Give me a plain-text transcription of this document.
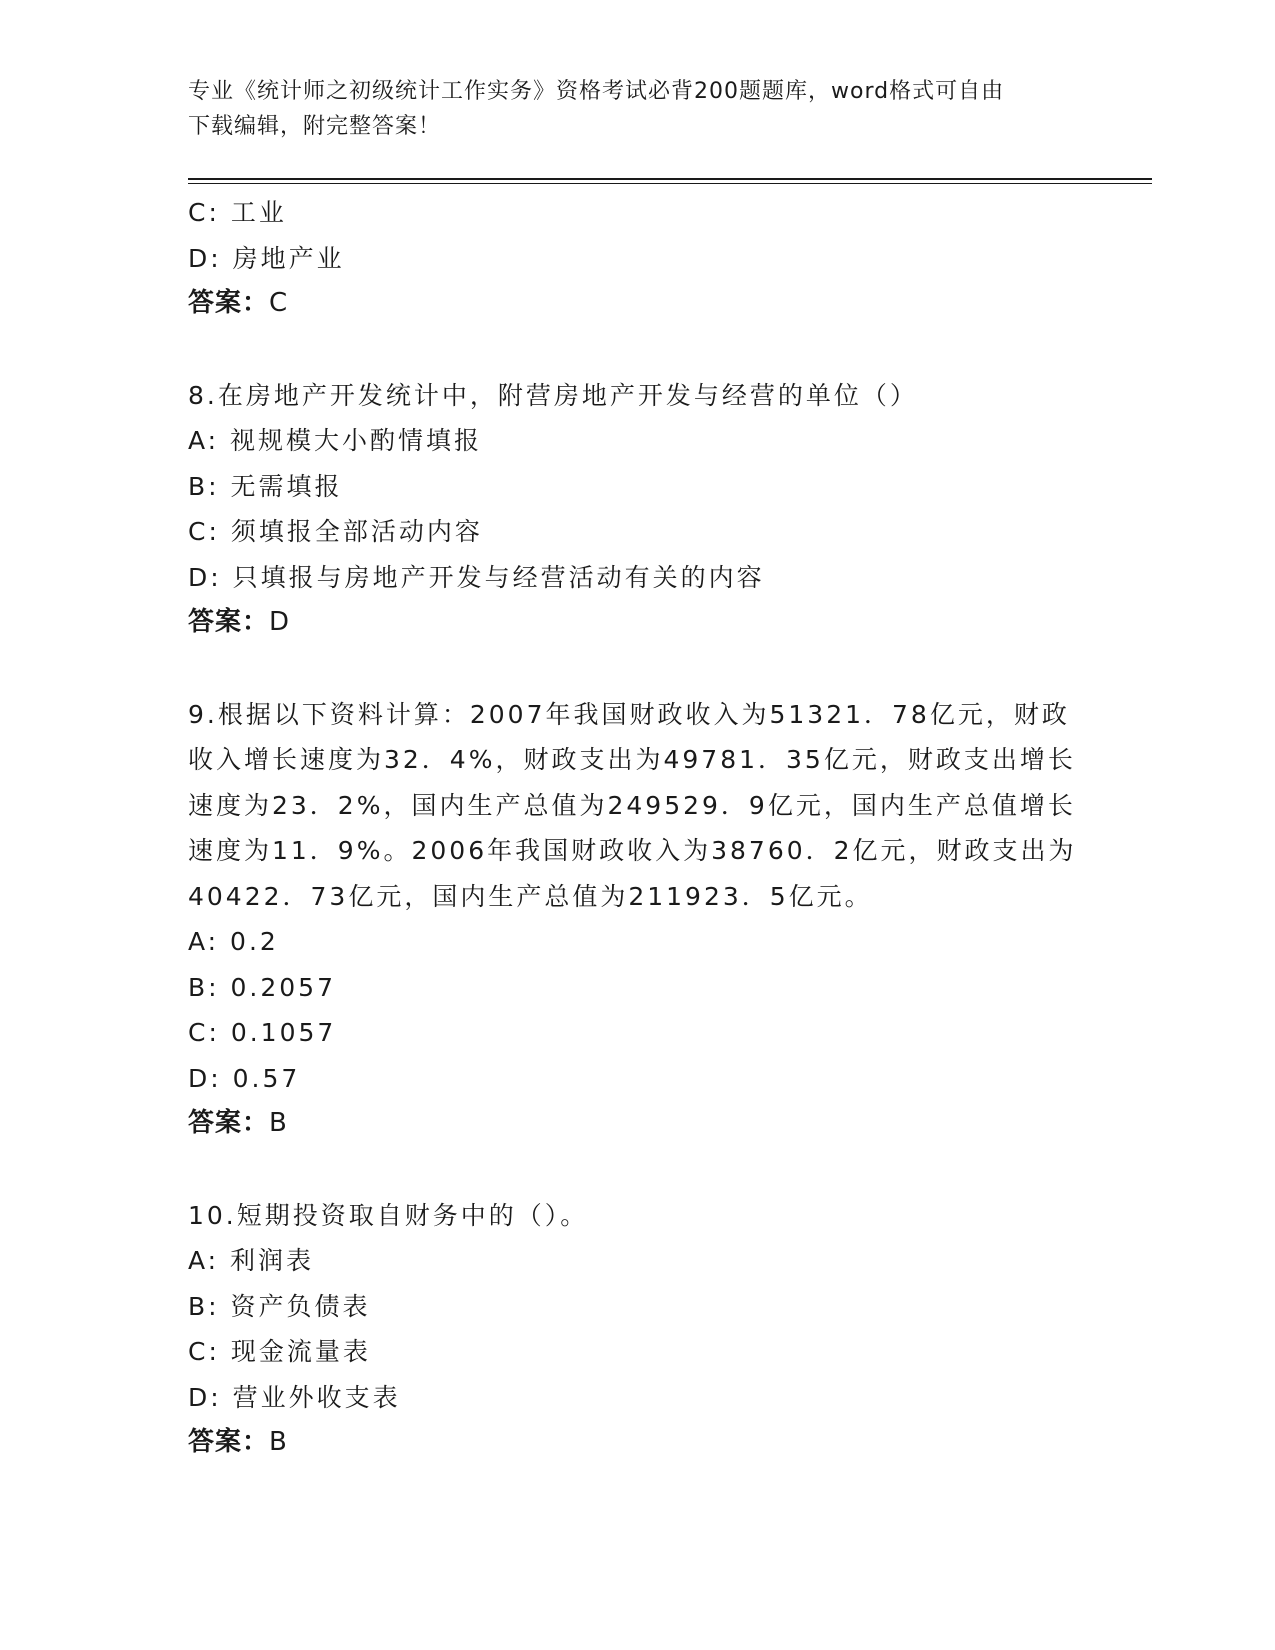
专业《统计师之初级统计工作实务》资格考试必背200题题库，word格式可自由
下载编辑，附完整答案！
C: 工业
D: 房地产业
答案：C
8.在房地产开发统计中，附营房地产开发与经营的单位（）
A: 视规模大小酌情填报
B: 无需填报
C: 须填报全部活动内容
D: 只填报与房地产开发与经营活动有关的内容
答案：D
9.根据以下资料计算：2007年我国财政收入为51321．78亿元，财政
收入增长速度为32．4%，财政支出为49781．35亿元，财政支出增长
速度为23．2%，国内生产总值为249529．9亿元，国内生产总值增长
速度为11．9%。2006年我国财政收入为38760．2亿元，财政支出为
40422．73亿元，国内生产总值为211923．5亿元。
A: 0.2
B: 0.2057
C: 0.1057
D: 0.57
答案：B
10.短期投资取自财务中的（）。
A: 利润表
B: 资产负债表
C: 现金流量表
D: 营业外收支表
答案：B
